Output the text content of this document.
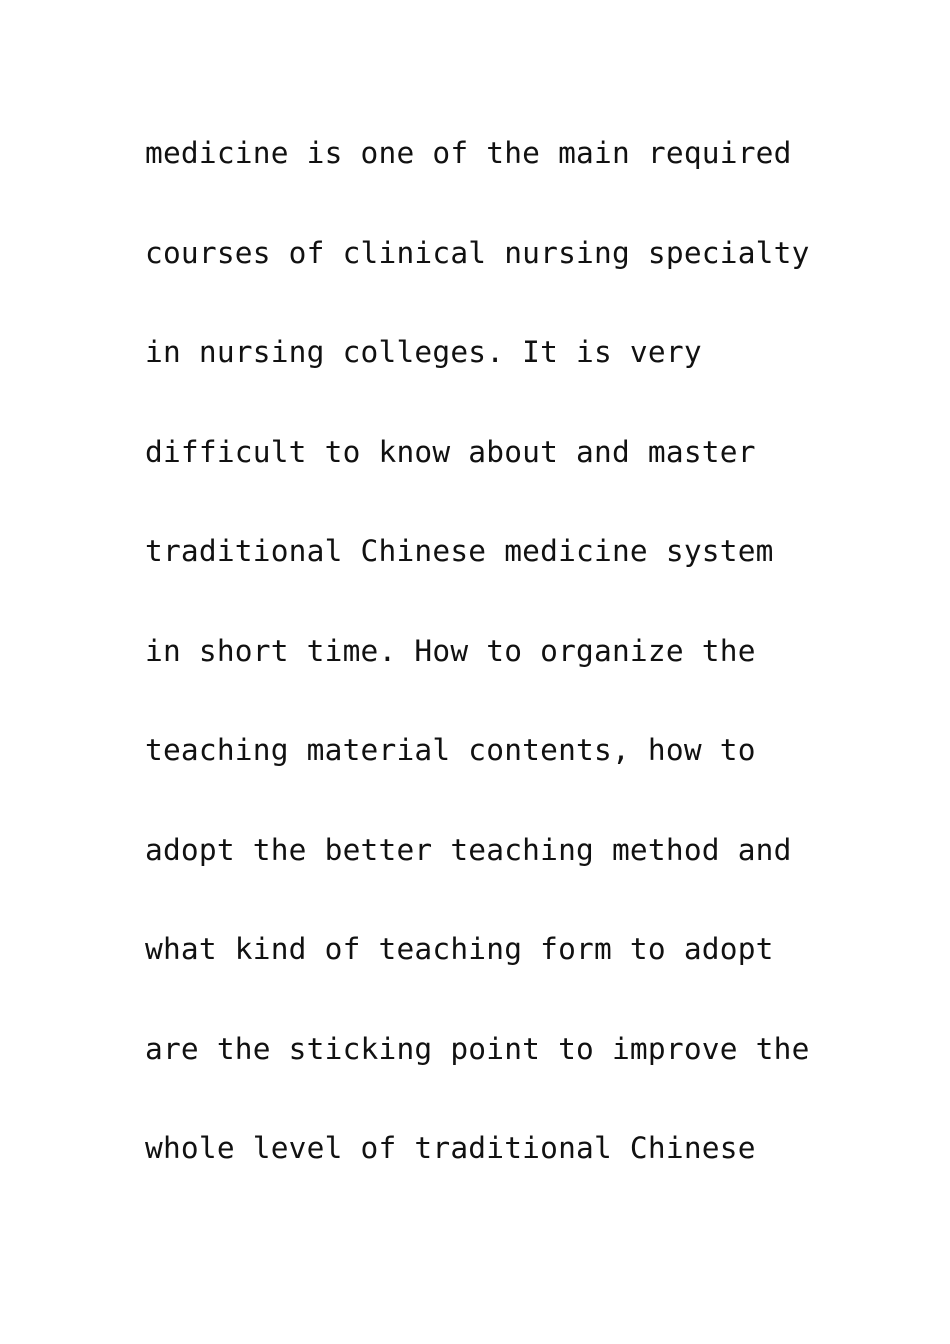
medicine is one of the main required
courses of clinical nursing specialty
in nursing colleges. It is very
difficult to know about and master
traditional Chinese medicine system
in short time. How to organize the
teaching material contents, how to
adopt the better teaching method and
what kind of teaching form to adopt
are the sticking point to improve the
whole level of traditional Chinese
